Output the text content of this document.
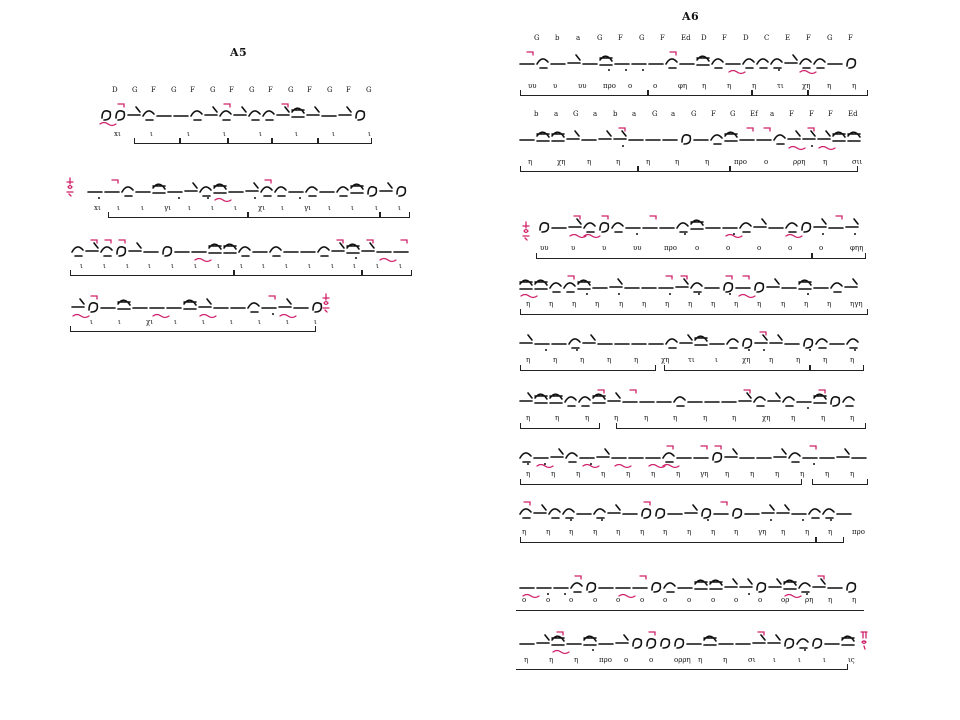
A5
D G F G F G F G F G F G F G
xι	ι	ι	ι	ι	ι	ι	ι
xι ι	ι	γι ι	ι	ι	χι ι	γι ι	ι	ι	ι
ι	ι	ι	ι	ι	ι	ι	ι	ι	ι	ι	ι	ι	ι	ι
ι	ι	χι	ι	ι	ι	ι	ι	ι
A6
G b a G F G F Ed D F D C E F G F
υυ υ	υυ προ ο	ο	φη η	η	η	τι	χη η	η
b a G a b a G a G F G Ef a F F F Ed
η	χη	η	η	η	η	η	προ ο	ρρη	η	σιι
υυ	υ	υ	υυ	προ	ο	ο	ο	ο	ο	φηη
η	η	η	η	η	η	η	η	η	η	η	η	η	η	ηγη
η	η	η	η	η	χη	τι	ι	χη	η	η	η	η
η	η	η	η	η	η	η	η	χη	η	η	η
η	η	η	η	η	η	η	γη η	η	η	η	η	η
η	η	η	η	η	η	η	η	η	η	γη η	η	η	προ
ο	ο	ο	ο	ο	ο	ο	ο	ο	ο	ο	ορ ρη η	η
η	η	η	προ ο	ο	ορρη η	η	σι ι	ι	ι	ις
